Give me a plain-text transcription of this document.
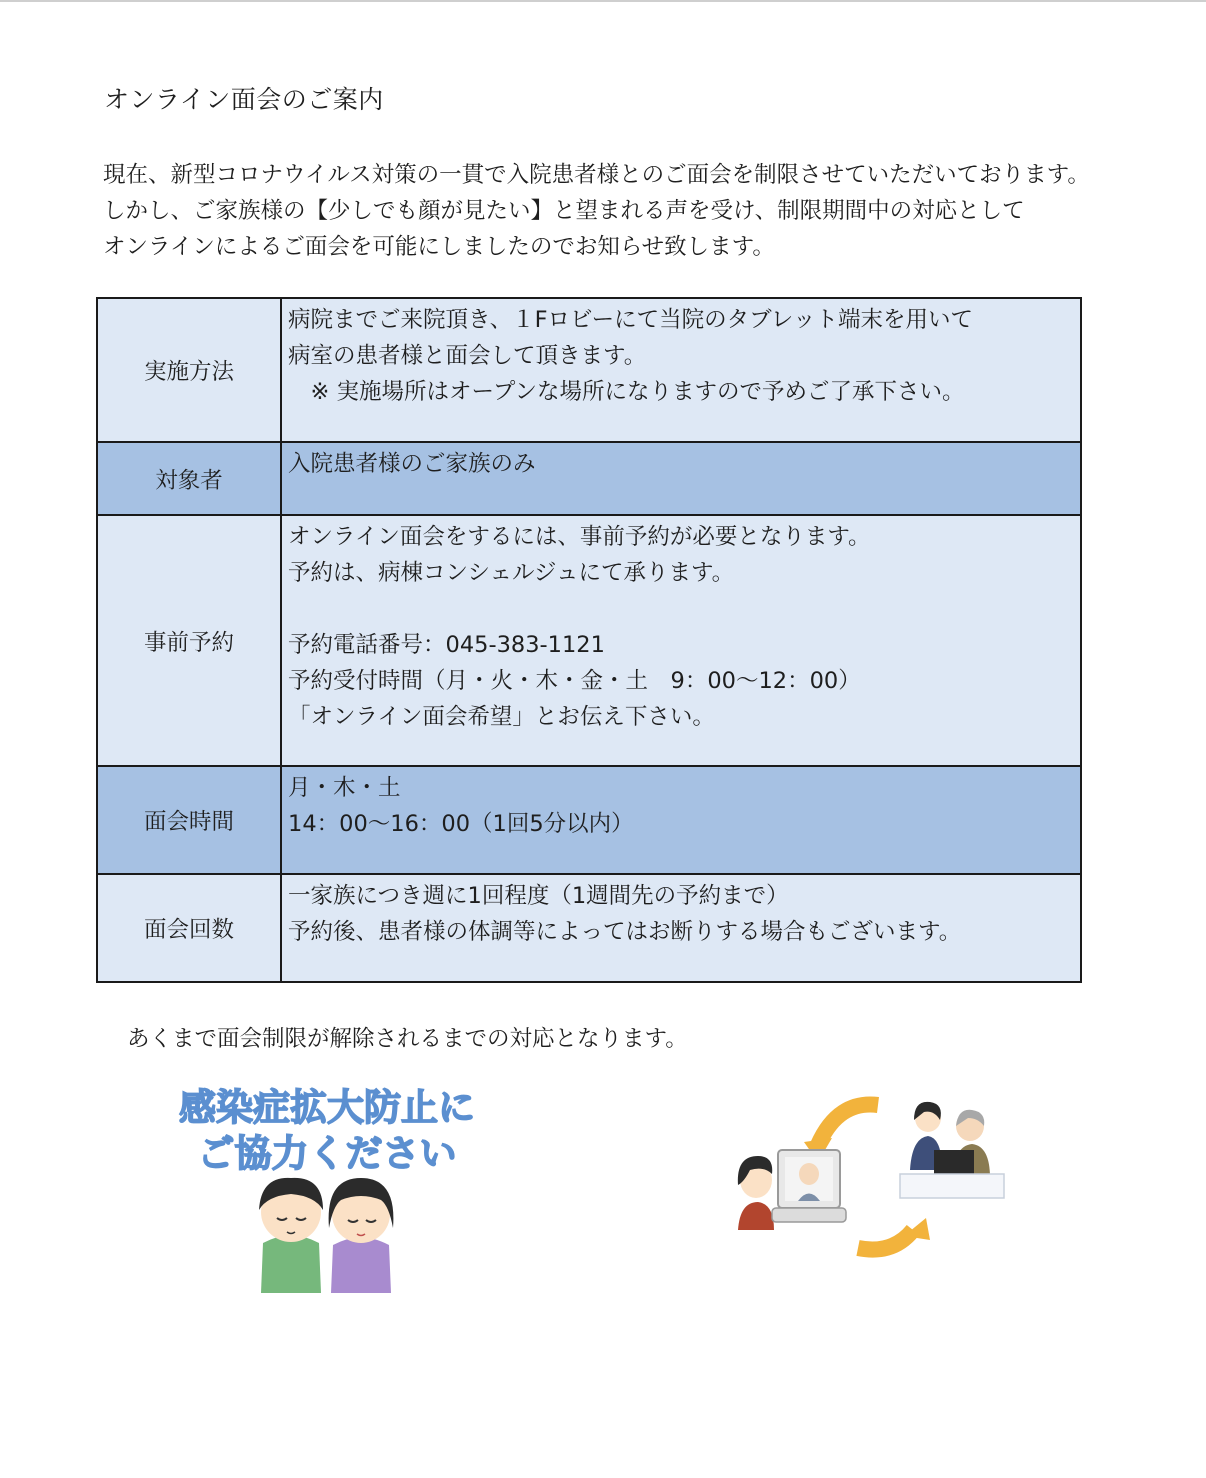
オンライン面会のご案内
現在、新型コロナウイルス対策の一貫で入院患者様とのご面会を制限させていただいております。
しかし、ご家族様の【少しでも顔が見たい】と望まれる声を受け、制限期間中の対応として
オンラインによるご面会を可能にしましたのでお知らせ致します。
実施方法	病院までご来院頂き、１Fロビーにて当院のタブレット端末を用いて
病室の患者様と面会して頂きます。
　※ 実施場所はオープンな場所になりますので予めご了承下さい。

対象者	入院患者様のご家族のみ

事前予約	オンライン面会をするには、事前予約が必要となります。
予約は、病棟コンシェルジュにて承ります。
予約電話番号：045-383-1121
予約受付時間（月・火・木・金・土　9：00〜12：00）
「オンライン面会希望」とお伝え下さい。

面会時間	月・木・土
14：00〜16：00（1回5分以内）

面会回数	一家族につき週に1回程度（1週間先の予約まで）
予約後、患者様の体調等によってはお断りする場合もございます。
あくまで面会制限が解除されるまでの対応となります。
感染症拡大防止に
ご協力ください
